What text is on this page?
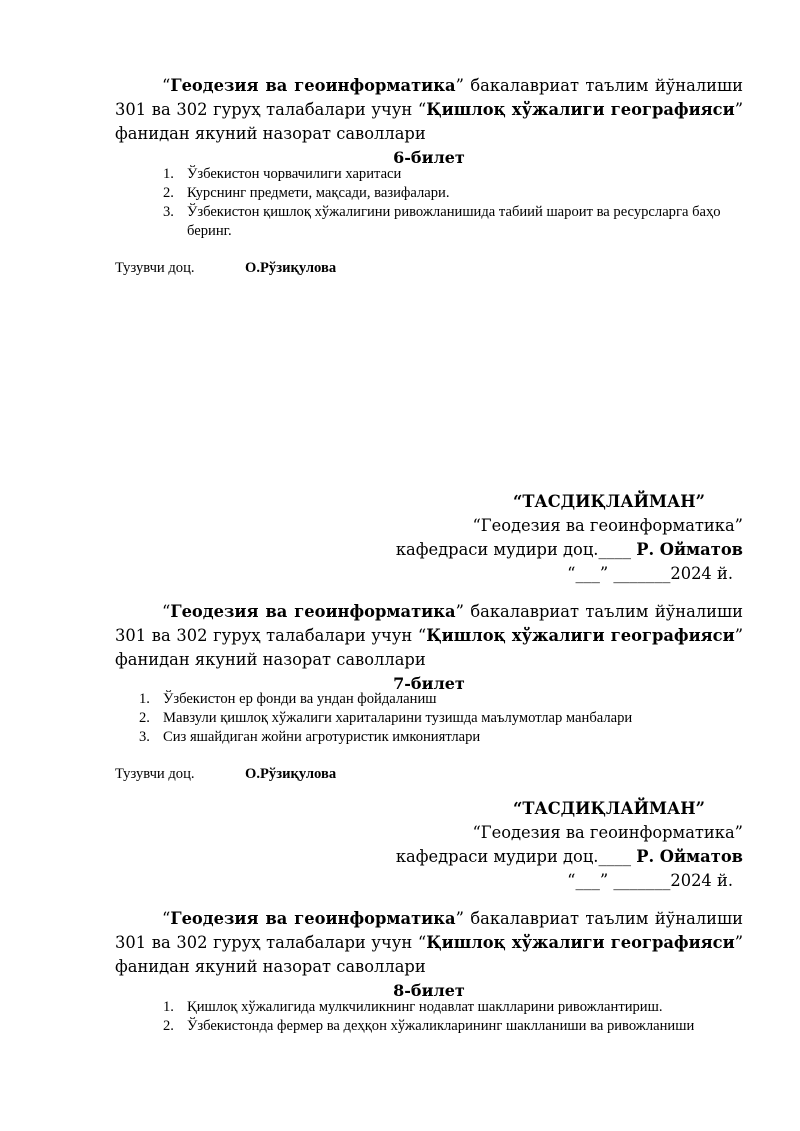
“Геодезия ва геоинформатика” бакалавриат таълим йўналиши 301 ва 302 гуруҳ талабалари учун “Қишлоқ хўжалиги географияси” фанидан якуний назорат саволлари

6-билет
1. Ўзбекистон чорвачилиги харитаси
2. Курснинг предмети, мақсади, вазифалари.
3. Ўзбекистон қишлоқ хўжалигини ривожланишида табиий шароит ва ресурсларга баҳо беринг.
Тузувчи доц.	О.Рўзиқулова
“ТАСДИҚЛАЙМАН”
“Геодезия ва геоинформатика”
кафедраси мудири доц.____ Р. Ойматов
“___” _______2024 й.

“Геодезия ва геоинформатика” бакалавриат таълим йўналиши 301 ва 302 гуруҳ талабалари учун “Қишлоқ хўжалиги географияси” фанидан якуний назорат саволлари

7-билет
1. Ўзбекистон ер фонди ва ундан фойдаланиш
2. Мавзули қишлоқ хўжалиги хариталарини тузишда маълумотлар манбалари
3. Сиз яшайдиган жойни агротуристик имкониятлари
Тузувчи доц.	О.Рўзиқулова
“ТАСДИҚЛАЙМАН”
“Геодезия ва геоинформатика”
кафедраси мудири доц.____ Р. Ойматов
“___” _______2024 й.

“Геодезия ва геоинформатика” бакалавриат таълим йўналиши 301 ва 302 гуруҳ талабалари учун “Қишлоқ хўжалиги географияси” фанидан якуний назорат саволлари

8-билет
1. Қишлоқ хўжалигида мулкчиликнинг нодавлат шаклларини ривожлантириш.
2. Ўзбекистонда фермер ва деҳқон хўжаликларининг шаклланиши ва ривожланиши
